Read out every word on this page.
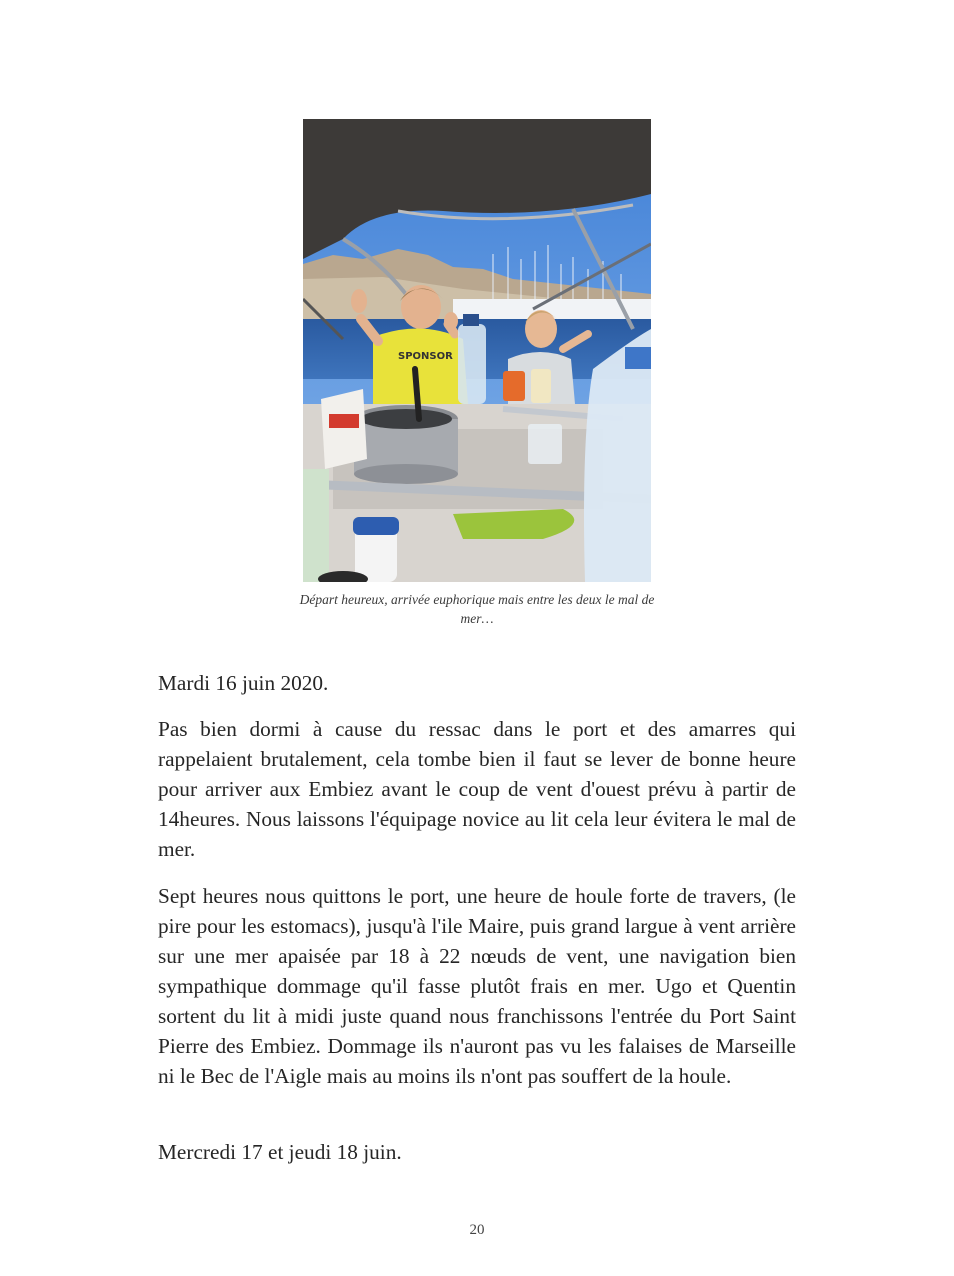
SPONSOR
Départ heureux, arrivée euphorique mais entre les deux le mal de mer…

Mardi 16 juin 2020.

Pas bien dormi à cause du ressac dans le port et des amarres qui rappelaient brutalement, cela tombe bien il faut se lever de bonne heure pour arriver aux Embiez avant le coup de vent d'ouest prévu à partir de 14heures. Nous laissons l'équipage novice au lit cela leur évitera le mal de mer.

Sept heures nous quittons le port, une heure de houle forte de travers, (le pire pour les estomacs), jusqu'à l'ile Maire, puis grand largue à vent arrière sur une mer apaisée par 18 à 22 nœuds de vent, une navigation bien sympathique dommage qu'il fasse plutôt frais en mer. Ugo et Quentin sortent du lit à midi juste quand nous franchissons l'entrée du Port Saint Pierre des Embiez. Dommage ils n'auront pas vu les falaises de Marseille ni le Bec de l'Aigle mais au moins ils n'ont pas souffert de la houle.

Mercredi 17 et jeudi 18 juin.

20
